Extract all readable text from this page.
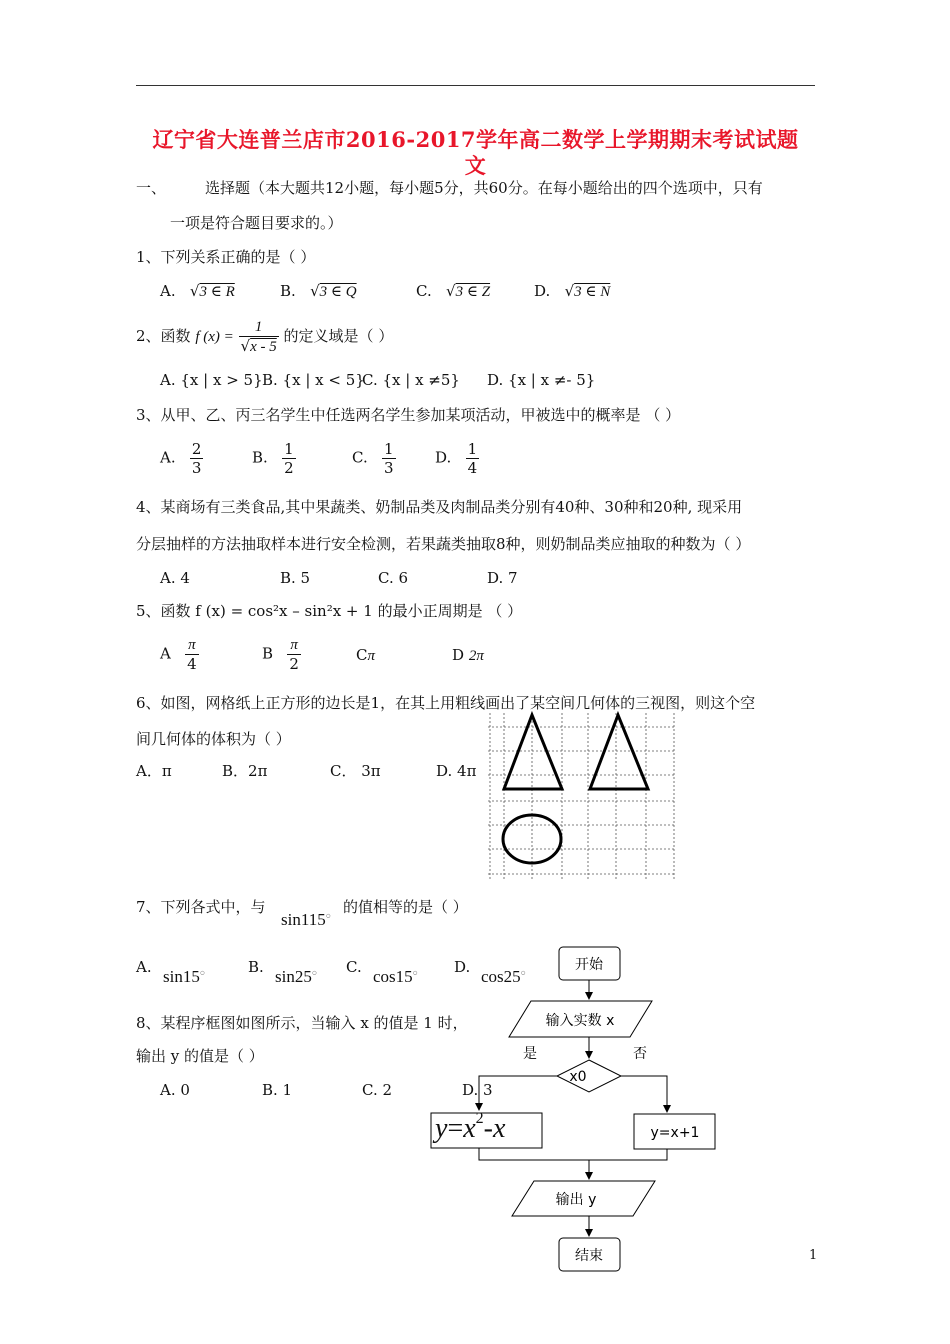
辽宁省大连普兰店市2016-2017学年高二数学上学期期末考试试题
文
一、	选择题（本大题共12小题，每小题5分，共60分。在每小题给出的四个选项中，只有
一项是符合题目要求的。）
1、下列关系正确的是（ ）
A. √3 ∈ R	B. √3 ∈ Q	C. √3 ∈ Z	D. √3 ∈ N
2、函数 f $(x) = \frac{1}{√x - 5}$ 的定义域是（ ）
A. {x | x > 5} B. {x | x < 5}
C. {x | x ≠5} D. {x | x ≠- 5}
3、从甲、乙、丙三名学生中任选两名学生参加某项活动，甲被选中的概率是 （ ）
A. $\frac{2}{3}$	B. $\frac{1}{2}$	C. $\frac{1}{3}$	D. $\frac{1}{4}$
4、某商场有三类食品,其中果蔬类、奶制品类及肉制品类分别有40种、30种和20种, 现采用
分层抽样的方法抽取样本进行安全检测，若果蔬类抽取8种，则奶制品类应抽取的种数为（ ）
A. 4	B. 5	C. 6	D. 7
5、函数 f (x) = cos²x – sin²x + 1 的最小正周期是 （ ）
A $\frac{\pi}{4}$	B $\frac{\pi}{2}$	Cπ	D 2π
6、如图，网格纸上正方形的边长是1，在其上用粗线画出了某空间几何体的三视图，则这个空
间几何体的体积为（ ）
A．π	B．2π	C． 3π	D. 4π
7、下列各式中，与
sin115○ 的值相等的是（ ）
A. sin15○	B. sin25○ C. cos15○ D. cos25○
8、某程序框图如图所示，当输入 x 的值是 1 时，
输出 y 的值是（ ）
A. 0	B. 1	C. 2	D. 3
开始
输入实数 x
是	否
x0
y=x+1
输出 y
结束
$y=x^2-x$
1
